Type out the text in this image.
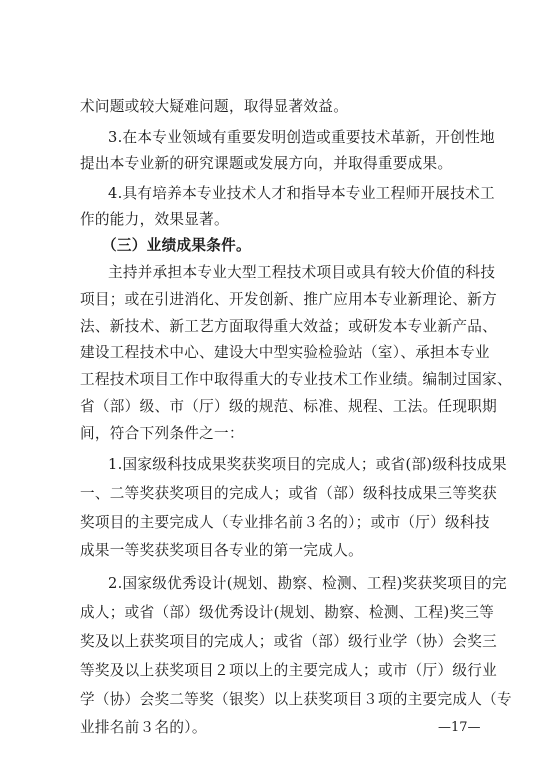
术问题或较大疑难问题，取得显著效益。
3.在本专业领域有重要发明创造或重要技术革新，开创性地
提出本专业新的研究课题或发展方向，并取得重要成果。
4.具有培养本专业技术人才和指导本专业工程师开展技术工
作的能力，效果显著。
（三）业绩成果条件。
主持并承担本专业大型工程技术项目或具有较大价值的科技
项目；或在引进消化、开发创新、推广应用本专业新理论、新方
法、新技术、新工艺方面取得重大效益；或研发本专业新产品、
建设工程技术中心、建设大中型实验检验站（室）、承担本专业
工程技术项目工作中取得重大的专业技术工作业绩。编制过国家、
省（部）级、市（厅）级的规范、标准、规程、工法。任现职期
间，符合下列条件之一：
1.国家级科技成果奖获奖项目的完成人；或省(部)级科技成果
一、二等奖获奖项目的完成人；或省（部）级科技成果三等奖获
奖项目的主要完成人（专业排名前３名的）；或市（厅）级科技
成果一等奖获奖项目各专业的第一完成人。
2.国家级优秀设计(规划、勘察、检测、工程)奖获奖项目的完
成人；或省（部）级优秀设计(规划、勘察、检测、工程)奖三等
奖及以上获奖项目的完成人；或省（部）级行业学（协）会奖三
等奖及以上获奖项目２项以上的主要完成人；或市（厅）级行业
学（协）会奖二等奖（银奖）以上获奖项目３项的主要完成人（专
业排名前３名的）。	—17—
